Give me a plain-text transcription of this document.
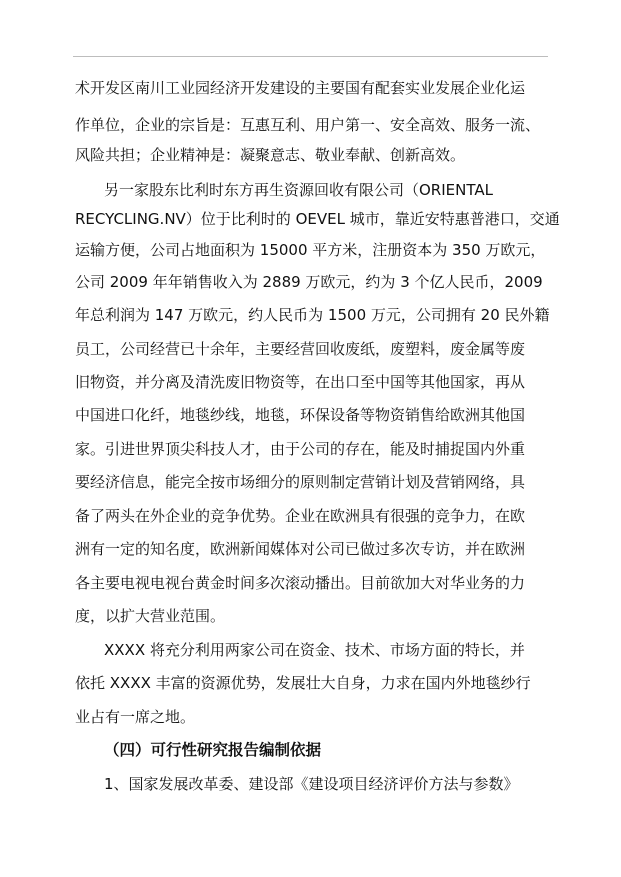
术开发区南川工业园经济开发建设的主要国有配套实业发展企业化运
作单位，企业的宗旨是：互惠互利、用户第一、安全高效、服务一流、
风险共担；企业精神是：凝聚意志、敬业奉献、创新高效。
另一家股东比利时东方再生资源回收有限公司（ORIENTAL
RECYCLING.NV）位于比利时的 OEVEL 城市，靠近安特惠普港口，交通
运输方便，公司占地面积为 15000 平方米，注册资本为 350 万欧元，
公司 2009 年年销售收入为 2889 万欧元，约为 3 个亿人民币，2009
年总利润为 147 万欧元，约人民币为 1500 万元，公司拥有 20 民外籍
员工，公司经营已十余年，主要经营回收废纸，废塑料，废金属等废
旧物资，并分离及清洗废旧物资等，在出口至中国等其他国家，再从
中国进口化纤，地毯纱线，地毯，环保设备等物资销售给欧洲其他国
家。引进世界顶尖科技人才，由于公司的存在，能及时捕捉国内外重
要经济信息，能完全按市场细分的原则制定营销计划及营销网络，具
备了两头在外企业的竞争优势。企业在欧洲具有很强的竞争力，在欧
洲有一定的知名度，欧洲新闻媒体对公司已做过多次专访，并在欧洲
各主要电视电视台黄金时间多次滚动播出。目前欲加大对华业务的力
度，以扩大营业范围。
XXXX 将充分利用两家公司在资金、技术、市场方面的特长，并
依托 XXXX 丰富的资源优势，发展壮大自身，力求在国内外地毯纱行
业占有一席之地。
（四）可行性研究报告编制依据
1、国家发展改革委、建设部《建设项目经济评价方法与参数》
